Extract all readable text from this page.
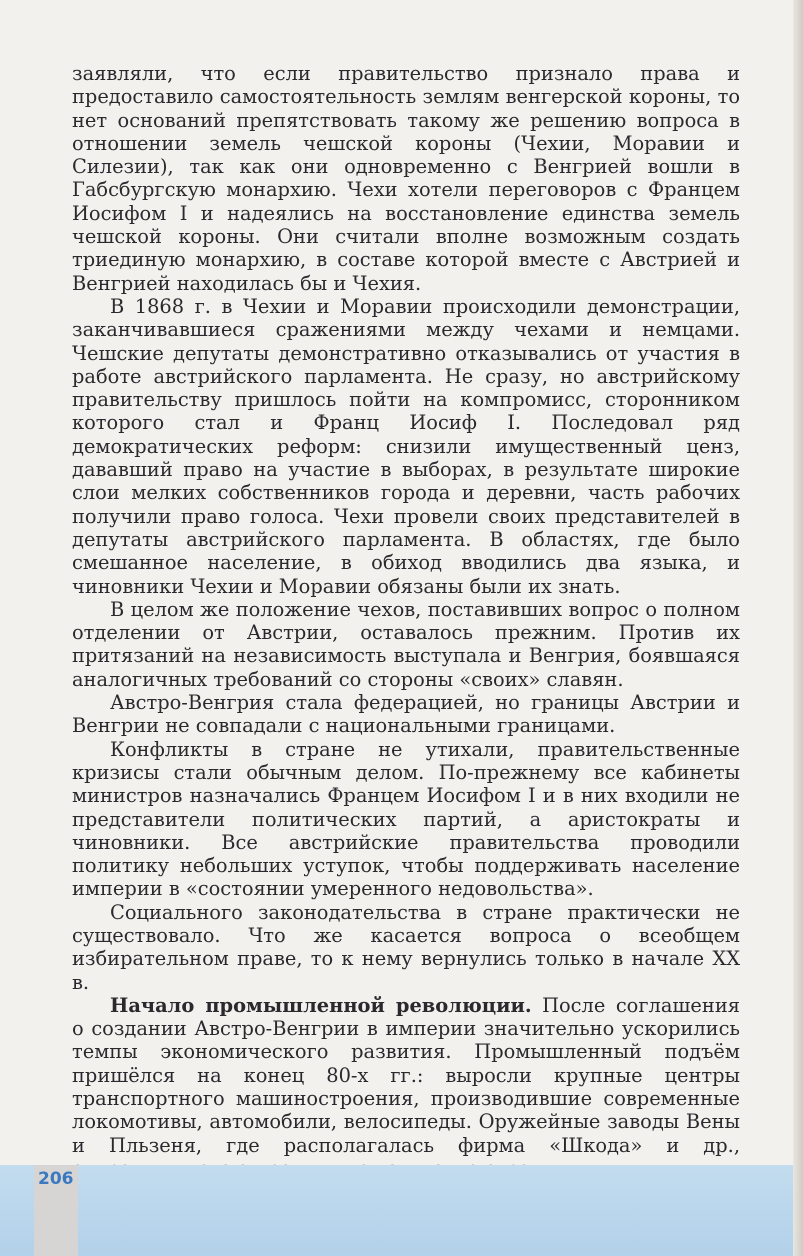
заявляли, что если правительство признало права и предоставило самостоятельность землям венгерской короны, то нет оснований препятствовать такому же решению вопроса в отношении земель чешской короны (Чехии, Моравии и Силезии), так как они одновременно с Венгрией вошли в Габсбургскую монархию. Чехи хотели переговоров с Францем Иосифом I и надеялись на восстановление единства земель чешской короны. Они считали вполне возможным создать триединую монархию, в составе которой вместе с Австрией и Венгрией находилась бы и Чехия.

В 1868 г. в Чехии и Моравии происходили демонстрации, заканчивавшиеся сражениями между чехами и немцами. Чешские депутаты демонстративно отказывались от участия в работе австрийского парламента. Не сразу, но австрийскому правительству пришлось пойти на компромисс, сторонником которого стал и Франц Иосиф I. Последовал ряд демократических реформ: снизили имущественный ценз, дававший право на участие в выборах, в результате широкие слои мелких собственников города и деревни, часть рабочих получили право голоса. Чехи провели своих представителей в депутаты австрийского парламента. В областях, где было смешанное население, в обиход вводились два языка, и чиновники Чехии и Моравии обязаны были их знать.

В целом же положение чехов, поставивших вопрос о полном отделении от Австрии, оставалось прежним. Против их притязаний на независимость выступала и Венгрия, боявшаяся аналогичных требований со стороны «своих» славян.

Австро-Венгрия стала федерацией, но границы Австрии и Венгрии не совпадали с национальными границами.

Конфликты в стране не утихали, правительственные кризисы стали обычным делом. По-прежнему все кабинеты министров назначались Францем Иосифом I и в них входили не представители политических партий, а аристократы и чиновники. Все австрийские правительства проводили политику небольших уступок, чтобы поддерживать население империи в «состоянии умеренного недовольства».

Социального законодательства в стране практически не существовало. Что же касается вопроса о всеобщем избирательном праве, то к нему вернулись только в начале XX в.

Начало промышленной революции. После соглашения о создании Австро-Венгрии в империи значительно ускорились темпы экономического развития. Промышленный подъём пришёлся на конец 80-х гг.: выросли крупные центры транспортного машиностроения, производившие современные локомотивы, автомобили, велосипеды. Оружейные заводы Вены и Пльзеня, где располагалась фирма «Шкода» и др.,

206
